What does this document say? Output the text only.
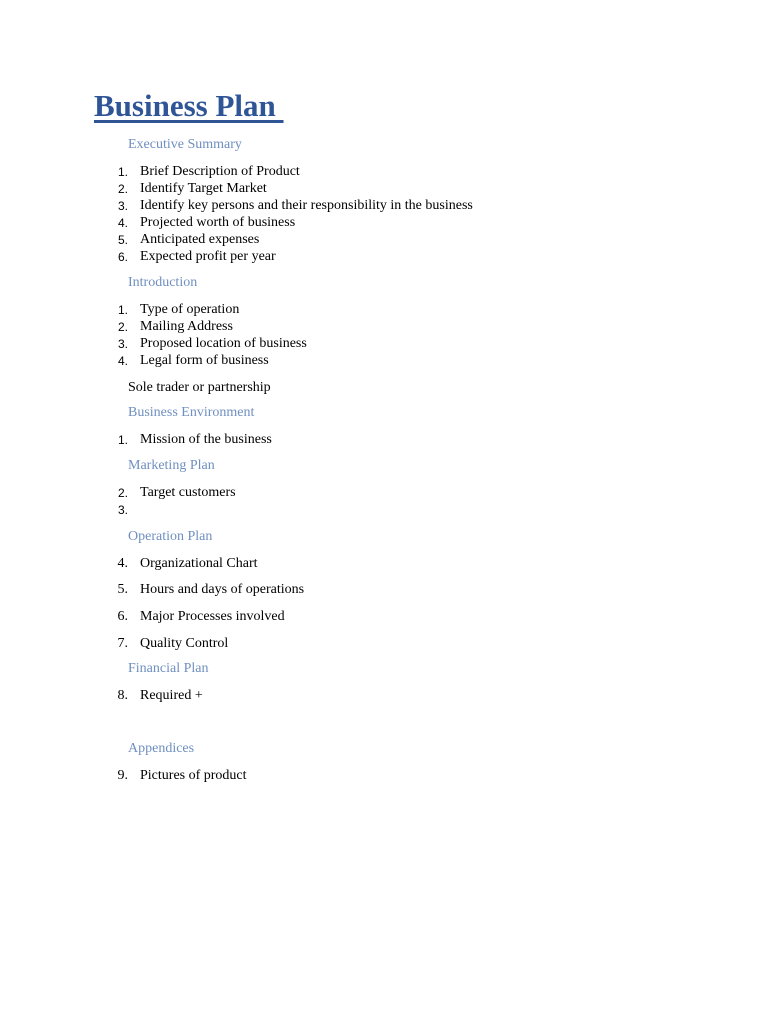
Business Plan
Executive Summary
1. Brief Description of Product
2. Identify Target Market
3. Identify key persons and their responsibility in the business
4. Projected worth of business
5. Anticipated expenses
6. Expected profit per year
Introduction
1. Type of operation
2. Mailing Address
3. Proposed location of business
4. Legal form of business
Sole trader or partnership
Business Environment
1. Mission of the business
Marketing Plan
2. Target customers
3.
Operation Plan
4. Organizational Chart
5. Hours and days of operations
6. Major Processes involved
7. Quality Control
Financial Plan
8. Required +
Appendices
9. Pictures of product
